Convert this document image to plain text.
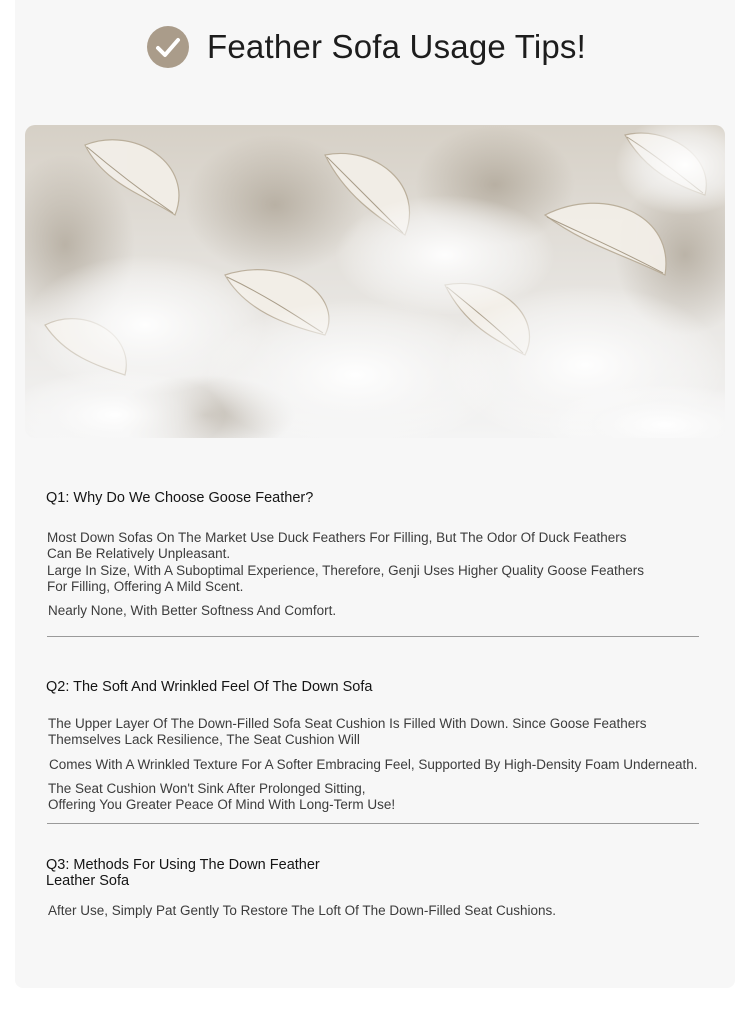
Feather Sofa Usage Tips!
Q1: Why Do We Choose Goose Feather?
Most Down Sofas On The Market Use Duck Feathers For Filling, But The Odor Of Duck Feathers
Can Be Relatively Unpleasant.
Large In Size, With A Suboptimal Experience, Therefore, Genji Uses Higher Quality Goose Feathers
For Filling, Offering A Mild Scent.
Nearly None, With Better Softness And Comfort.
Q2: The Soft And Wrinkled Feel Of The Down Sofa
The Upper Layer Of The Down-Filled Sofa Seat Cushion Is Filled With Down. Since Goose Feathers
Themselves Lack Resilience, The Seat Cushion Will
Comes With A Wrinkled Texture For A Softer Embracing Feel, Supported By High-Density Foam Underneath.
The Seat Cushion Won't Sink After Prolonged Sitting,
Offering You Greater Peace Of Mind With Long-Term Use!
Q3: Methods For Using The Down Feather
Leather Sofa
After Use, Simply Pat Gently To Restore The Loft Of The Down-Filled Seat Cushions.
